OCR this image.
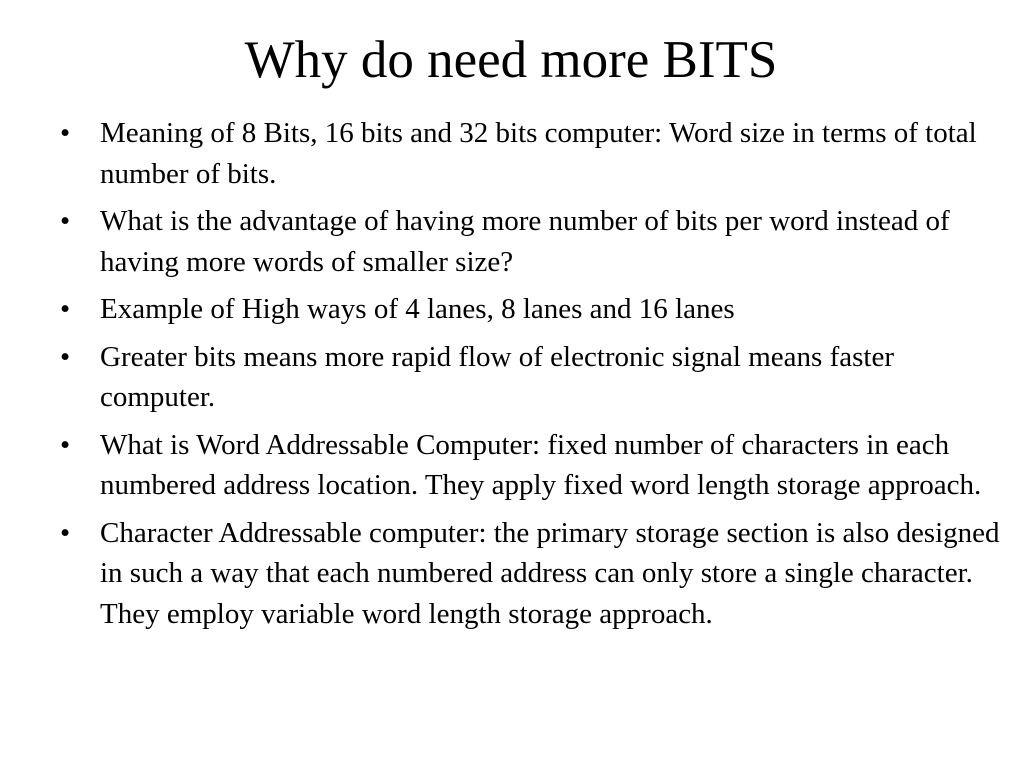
Why do need more BITS
• Meaning of 8 Bits, 16 bits and 32 bits computer: Word size in terms of total number of bits.
• What is the advantage of having more number of bits per word instead of having more words of smaller size?
• Example of High ways of 4 lanes, 8 lanes and 16 lanes
• Greater bits means more rapid flow of electronic signal means faster computer.
• What is Word Addressable Computer: fixed number of characters in each numbered address location. They apply fixed word length storage approach.
• Character Addressable computer: the primary storage section is also designed in such a way that each numbered address can only store a single character. They employ variable word length storage approach.
